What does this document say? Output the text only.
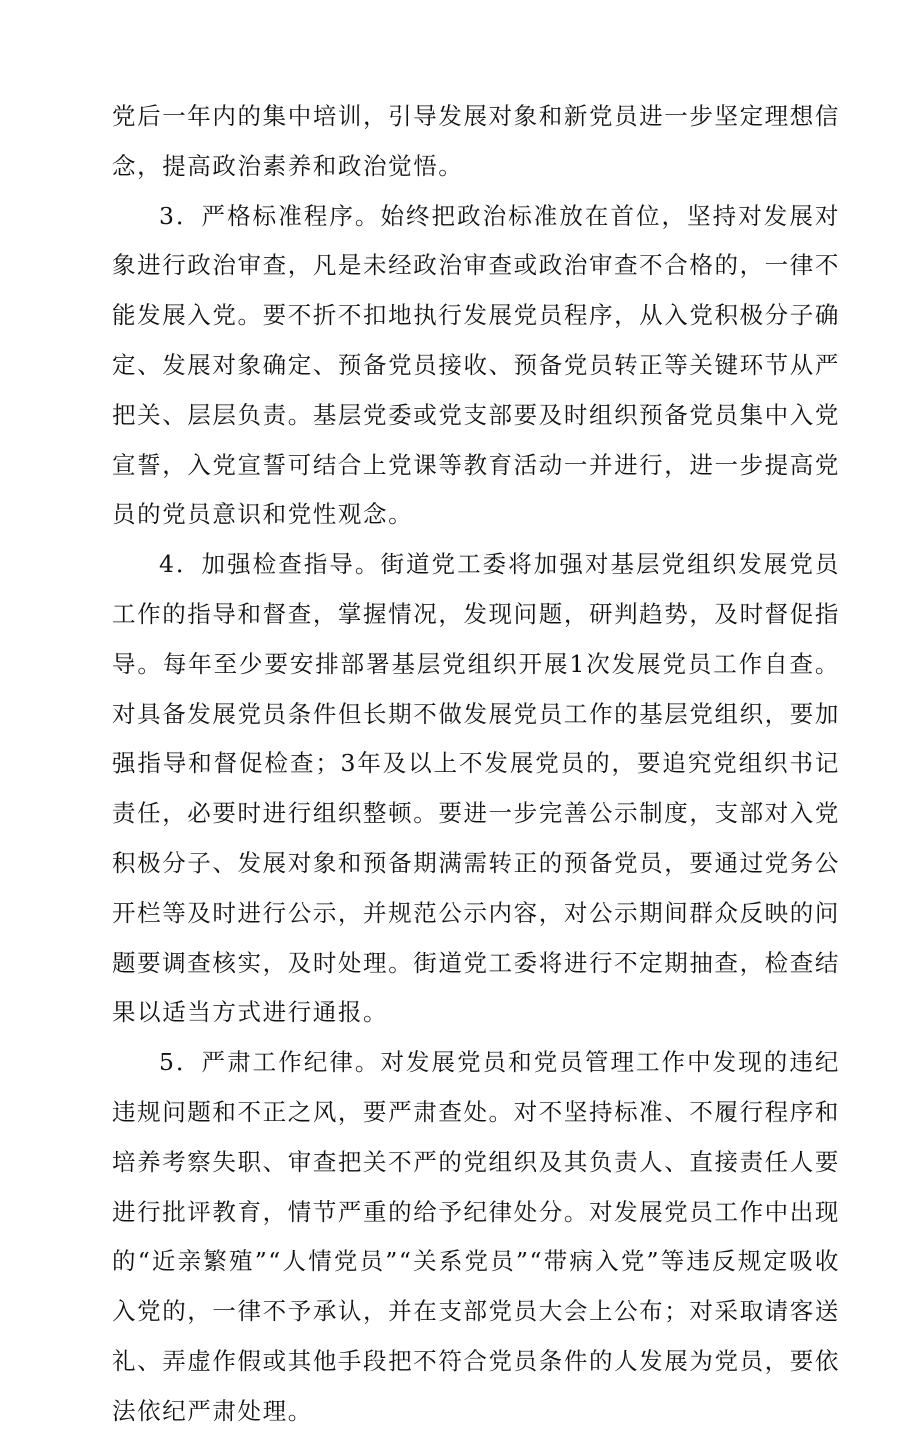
党后一年内的集中培训，引导发展对象和新党员进一步坚定理想信念，提高政治素养和政治觉悟。

3．严格标准程序。始终把政治标准放在首位，坚持对发展对象进行政治审查，凡是未经政治审查或政治审查不合格的，一律不能发展入党。要不折不扣地执行发展党员程序，从入党积极分子确定、发展对象确定、预备党员接收、预备党员转正等关键环节从严把关、层层负责。基层党委或党支部要及时组织预备党员集中入党宣誓，入党宣誓可结合上党课等教育活动一并进行，进一步提高党员的党员意识和党性观念。

4．加强检查指导。街道党工委将加强对基层党组织发展党员工作的指导和督查，掌握情况，发现问题，研判趋势，及时督促指导。每年至少要安排部署基层党组织开展1次发展党员工作自查。对具备发展党员条件但长期不做发展党员工作的基层党组织，要加强指导和督促检查；3年及以上不发展党员的，要追究党组织书记责任，必要时进行组织整顿。要进一步完善公示制度，支部对入党积极分子、发展对象和预备期满需转正的预备党员，要通过党务公开栏等及时进行公示，并规范公示内容，对公示期间群众反映的问题要调查核实，及时处理。街道党工委将进行不定期抽查，检查结果以适当方式进行通报。

5．严肃工作纪律。对发展党员和党员管理工作中发现的违纪违规问题和不正之风，要严肃查处。对不坚持标准、不履行程序和培养考察失职、审查把关不严的党组织及其负责人、直接责任人要进行批评教育，情节严重的给予纪律处分。对发展党员工作中出现的“近亲繁殖”“人情党员”“关系党员”“带病入党”等违反规定吸收入党的，一律不予承认，并在支部党员大会上公布；对采取请客送礼、弄虚作假或其他手段把不符合党员条件的人发展为党员，要依法依纪严肃处理。
